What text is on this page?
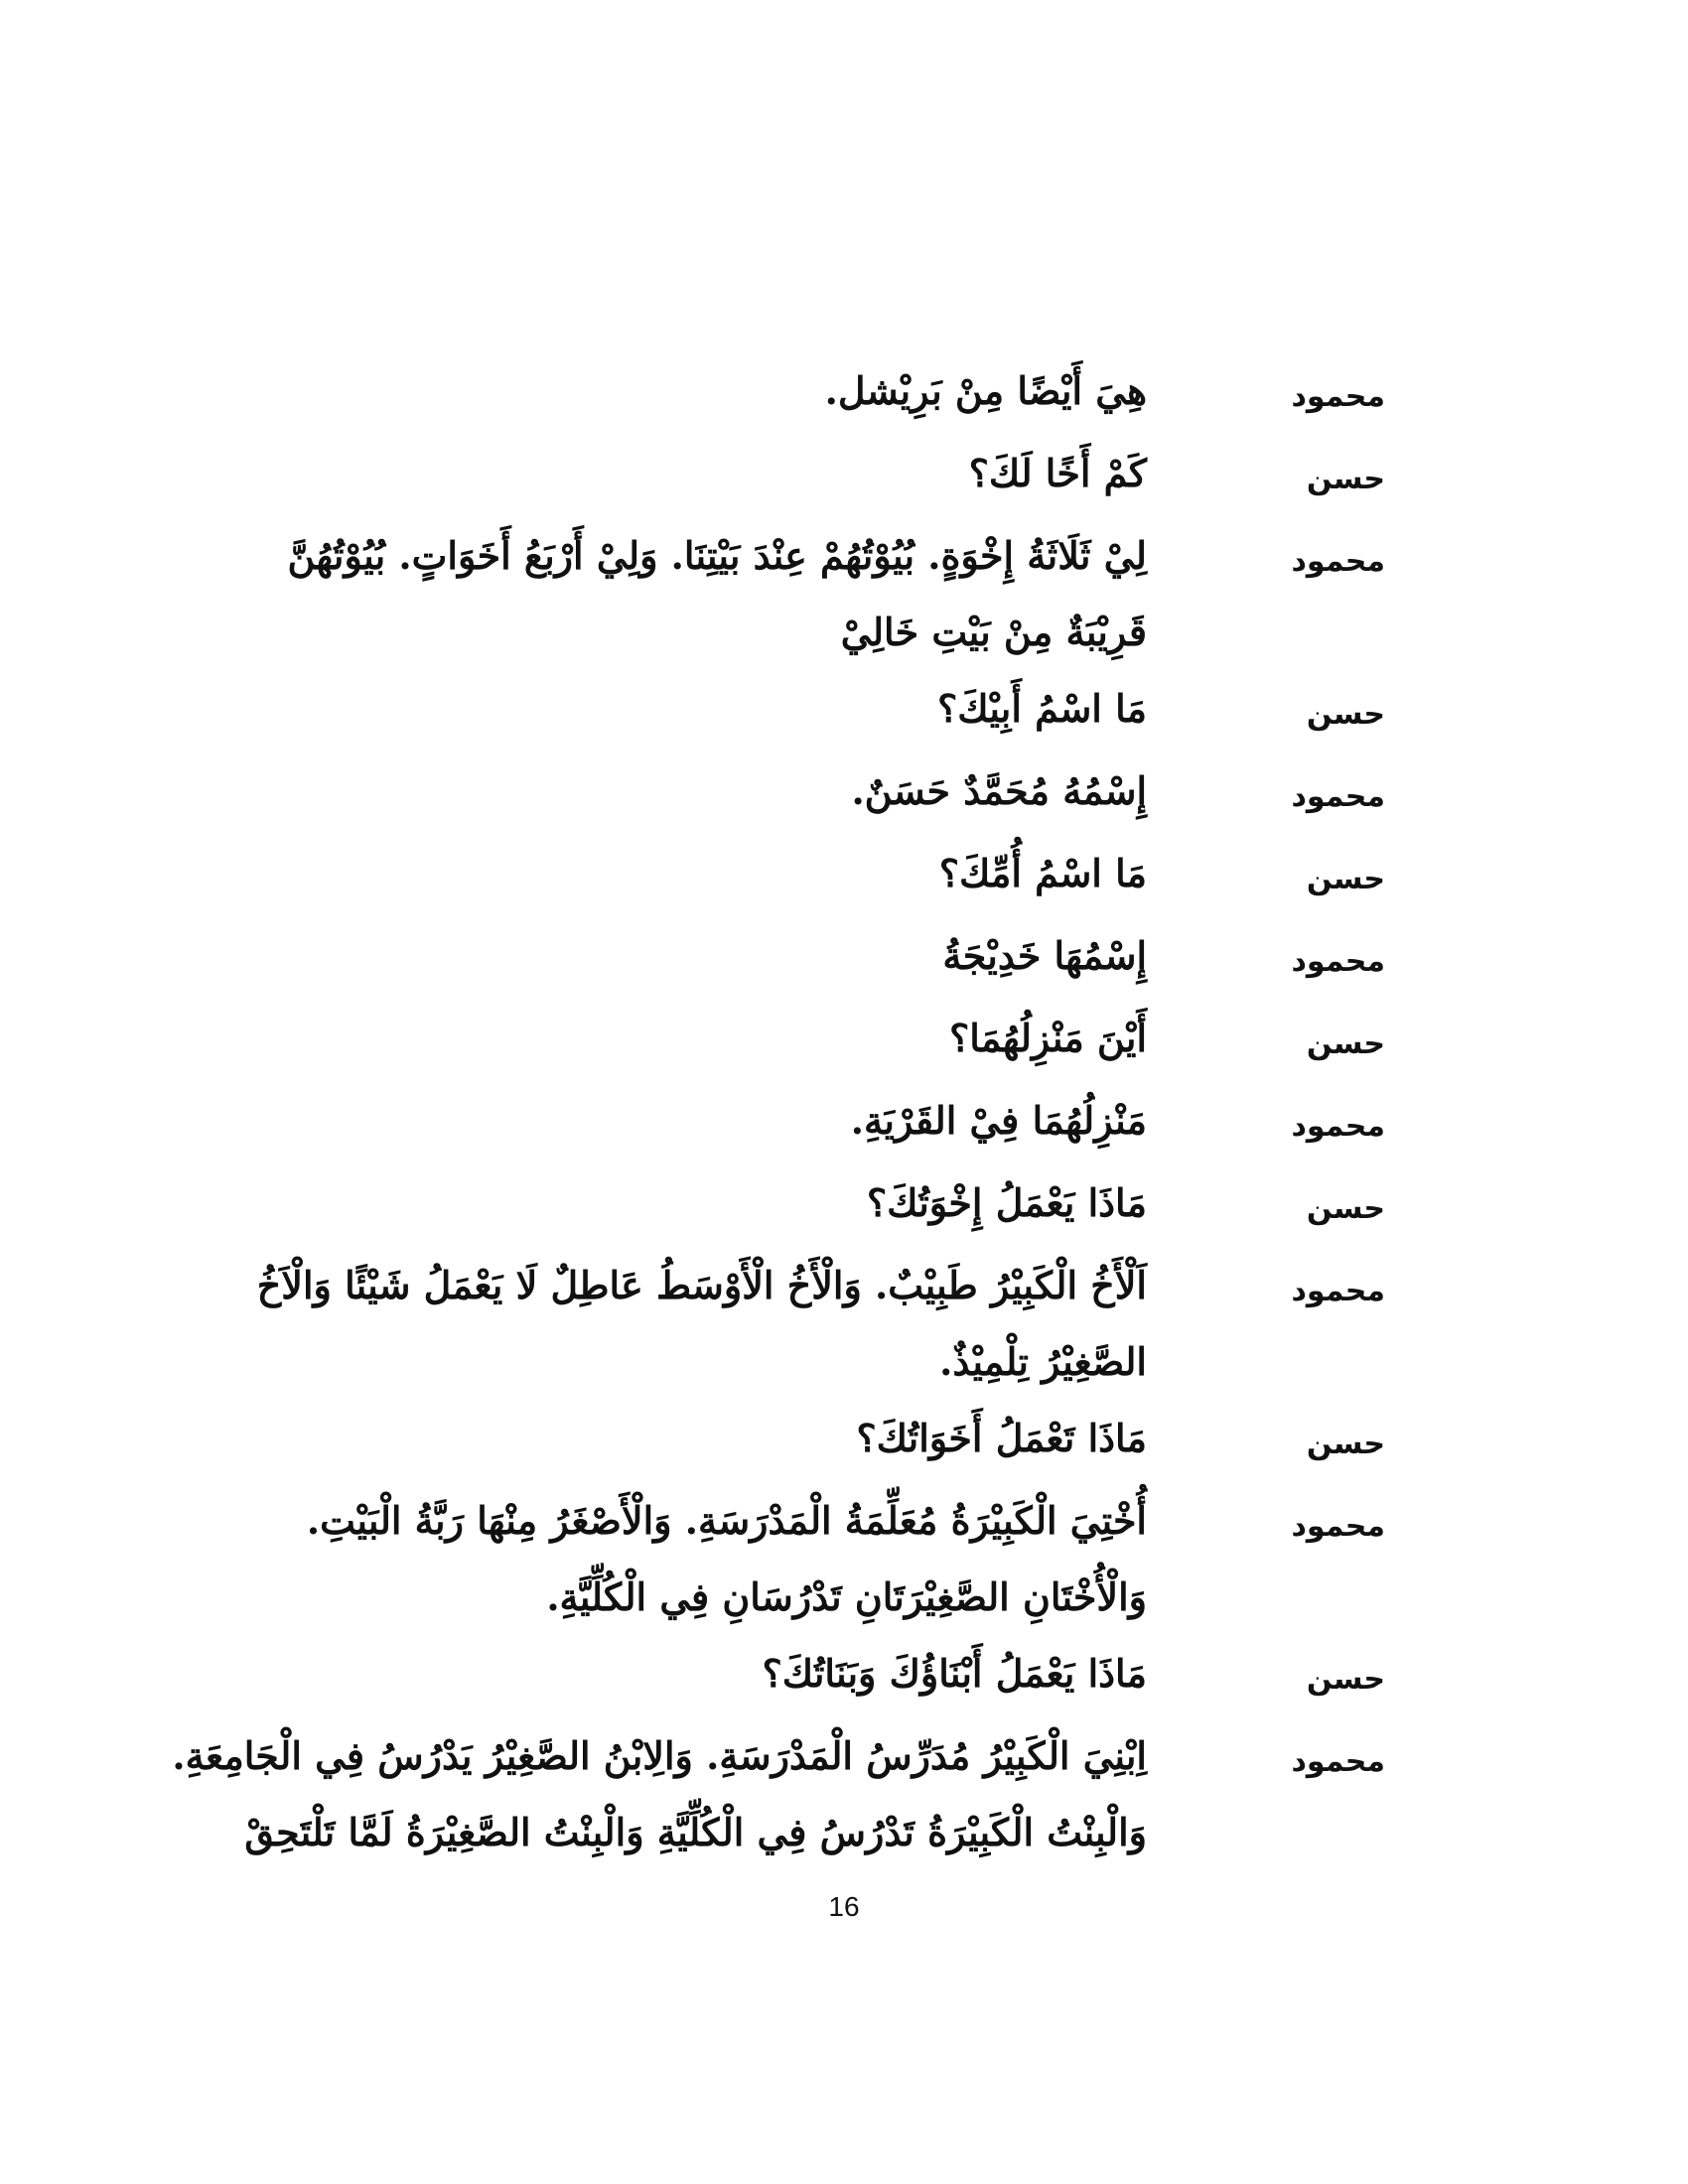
محمود
هِيَ أَيْضًا مِنْ بَرِيْشل.
حسن
كَمْ أَخًا لَكَ؟
محمود
لِيْ ثَلَاثَةُ إِخْوَةٍ. بُيُوْتُهُمْ عِنْدَ بَيْتِنَا. وَلِيْ أَرْبَعُ أَخَوَاتٍ. بُيُوْتُهُنَّ
قَرِيْبَةٌ مِنْ بَيْتِ خَالِيْ
حسن
مَا اسْمُ أَبِيْكَ؟
محمود
إِسْمُهُ مُحَمَّدٌ حَسَنٌ.
حسن
مَا اسْمُ أُمِّكَ؟
محمود
إِسْمُهَا خَدِيْجَةُ
حسن
أَيْنَ مَنْزِلُهُمَا؟
محمود
مَنْزِلُهُمَا فِيْ القَرْيَةِ.
حسن
مَاذَا يَعْمَلُ إِخْوَتُكَ؟
محمود
اَلْأَخُ الْكَبِيْرُ طَبِيْبٌ. وَالْأَخُ الْأَوْسَطُ عَاطِلٌ لَا يَعْمَلُ شَيْئًا وَالْاَخُ
الصَّغِيْرُ تِلْمِيْذٌ.
حسن
مَاذَا تَعْمَلُ أَخَوَاتُكَ؟
محمود
أُخْتِيَ الْكَبِيْرَةُ مُعَلِّمَةُ الْمَدْرَسَةِ. وَالْأَصْغَرُ مِنْهَا رَبَّةُ الْبَيْتِ.
وَالْأُخْتَانِ الصَّغِيْرَتَانِ تَدْرُسَانِ فِي الْكُلِّيَّةِ.
حسن
مَاذَا يَعْمَلُ أَبْنَاؤُكَ وَبَنَاتُكَ؟
محمود
اِبْنِيَ الْكَبِيْرُ مُدَرِّسُ الْمَدْرَسَةِ. وَالِابْنُ الصَّغِيْرُ يَدْرُسُ فِي الْجَامِعَةِ.
وَالْبِنْتُ الْكَبِيْرَةُ تَدْرُسُ فِي الْكُلِّيَّةِ وَالْبِنْتُ الصَّغِيْرَةُ لَمَّا تَلْتَحِقْ
16
